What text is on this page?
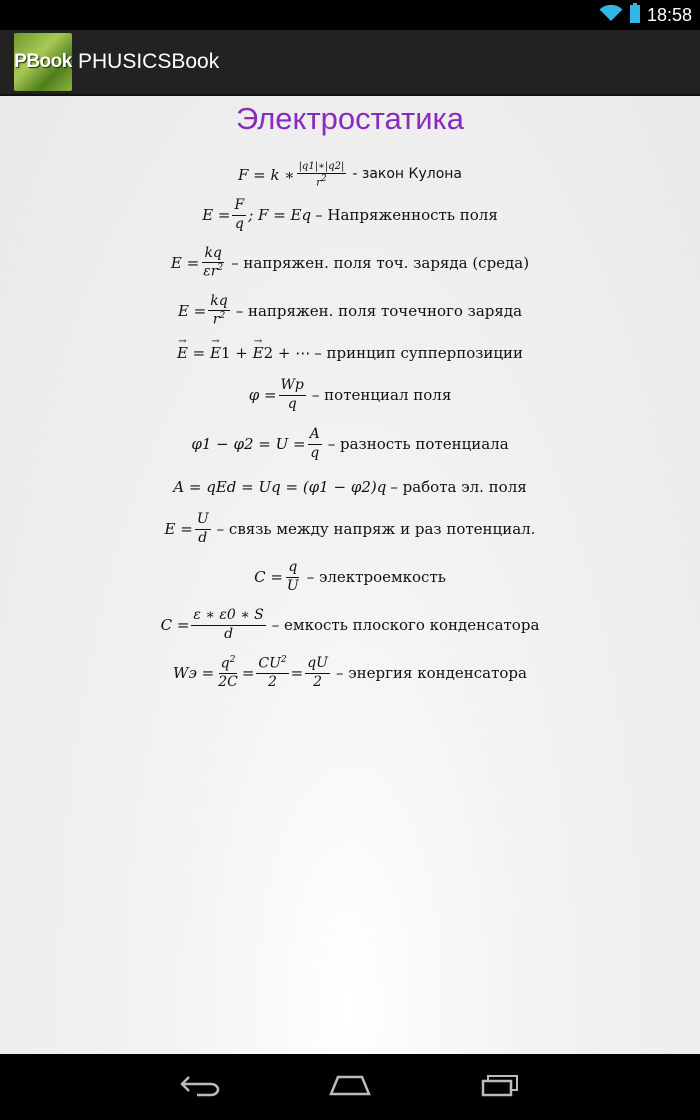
18:58
PBook PHUSICSBook
Электростатика
F = k ∗ $\frac{|q1|∗|q2|}{r^2}$ - закон Кулона
$E = \frac{F}{q}$ ; F = Eq – Напряженность поля
$E = \frac{kq}{\varepsilon r^2}$ – напряжен. поля точ. заряда (среда)
$E = \frac{kq}{r^2}$ – напряжен. поля точечного заряда
→ E = → E1 + → E2 + ⋯ – принцип супперпозиции
$\varphi = \frac{Wp}{q}$ – потенциал поля
$\varphi 1 - \varphi 2 = U = \frac{A}{q}$ – разность потенциала
A = qEd = Uq = (φ1 − φ2)q – работа эл. поля
$E = \frac{U}{d}$ – связь между напряж и раз потенциал.
$C = \frac{q}{U}$ – электроемкость
$C = \frac{\varepsilon ∗ \varepsilon 0 ∗ S}{d}$ – емкость плоского конденсатора
Wэ = $\frac{q^2}{2C} = \frac{CU^2}{2} = \frac{qU}{2}$ – энергия конденсатора
